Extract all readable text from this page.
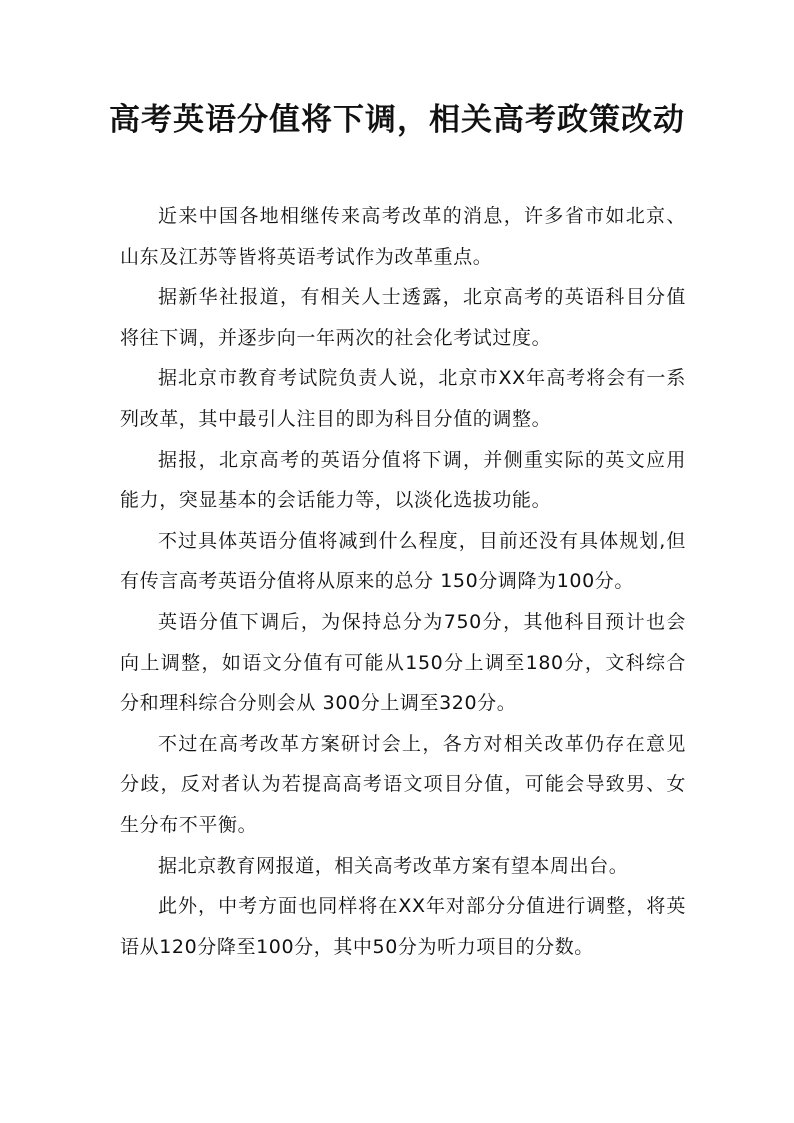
高考英语分值将下调，相关高考政策改动

近来中国各地相继传来高考改革的消息，许多省市如北京、山东及江苏等皆将英语考试作为改革重点。

据新华社报道，有相关人士透露，北京高考的英语科目分值将往下调，并逐步向一年两次的社会化考试过度。

据北京市教育考试院负责人说，北京市XX年高考将会有一系列改革，其中最引人注目的即为科目分值的调整。

据报，北京高考的英语分值将下调，并侧重实际的英文应用能力，突显基本的会话能力等，以淡化选拔功能。

不过具体英语分值将减到什么程度，目前还没有具体规划,但有传言高考英语分值将从原来的总分 150分调降为100分。

英语分值下调后，为保持总分为750分，其他科目预计也会向上调整，如语文分值有可能从150分上调至180分，文科综合分和理科综合分则会从 300分上调至320分。

不过在高考改革方案研讨会上，各方对相关改革仍存在意见分歧，反对者认为若提高高考语文项目分值，可能会导致男、女生分布不平衡。

据北京教育网报道，相关高考改革方案有望本周出台。

此外，中考方面也同样将在XX年对部分分值进行调整，将英语从120分降至100分，其中50分为听力项目的分数。
